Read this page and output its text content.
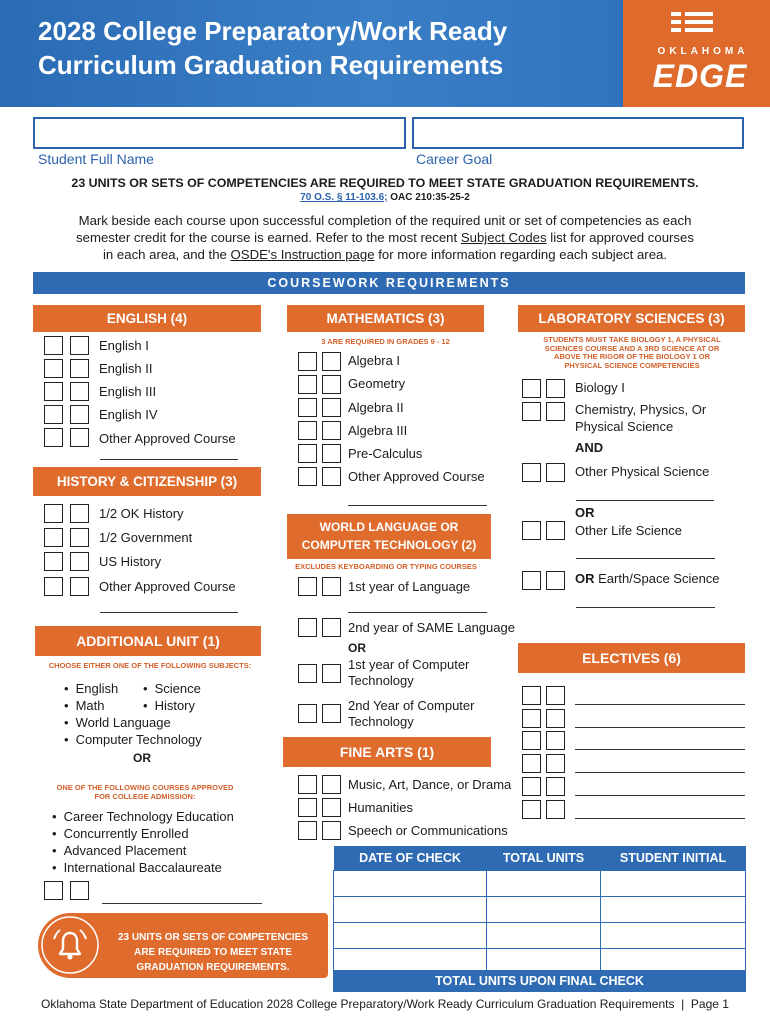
2028 College Preparatory/Work Ready
Curriculum Graduation Requirements	OKLAHOMA
EDGE
Student Full Name	Career Goal
23 UNITS OR SETS OF COMPETENCIES ARE REQUIRED TO MEET STATE GRADUATION REQUIREMENTS.
70 O.S. § 11-103.6; OAC 210:35-25-2
Mark beside each course upon successful completion of the required unit or set of competencies as each
semester credit for the course is earned. Refer to the most recent Subject Codes list for approved courses
in each area, and the OSDE's Instruction page for more information regarding each subject area.
COURSEWORK REQUIREMENTS
ENGLISH (4)
English I
English II
English III
English IV
Other Approved Course
HISTORY & CITIZENSHIP (3)
1/2 OK History
1/2 Government
US History
Other Approved Course
ADDITIONAL UNIT (1)
CHOOSE EITHER ONE OF THE FOLLOWING SUBJECTS:
• English
• Math
• World Language
• Computer Technology
• Science
• History
OR
ONE OF THE FOLLOWING COURSES APPROVED
FOR COLLEGE ADMISSION:
• Career Technology Education
• Concurrently Enrolled
• Advanced Placement
• International Baccalaureate
23 UNITS OR SETS OF COMPETENCIES
ARE REQUIRED TO MEET STATE
GRADUATION REQUIREMENTS.
MATHEMATICS (3)
3 ARE REQUIRED IN GRADES 9 - 12
Algebra I
Geometry
Algebra II
Algebra III
Pre-Calculus
Other Approved Course
WORLD LANGUAGE OR
COMPUTER TECHNOLOGY (2)
EXCLUDES KEYBOARDING OR TYPING COURSES
1st year of Language
2nd year of SAME Language
OR
1st year of Computer
Technology
2nd Year of Computer
Technology
FINE ARTS (1)
Music, Art, Dance, or Drama
Humanities
Speech or Communications
LABORATORY SCIENCES (3)
STUDENTS MUST TAKE BIOLOGY 1, A PHYSICAL
SCIENCES COURSE AND A 3RD SCIENCE AT OR
ABOVE THE RIGOR OF THE BIOLOGY 1 OR
PHYSICAL SCIENCE COMPETENCIES
Biology I
Chemistry, Physics, Or
Physical Science
AND
Other Physical Science
OR
Other Life Science
OR Earth/Space Science
ELECTIVES (6)
DATE OF CHECK	TOTAL UNITS	STUDENT INITIAL

TOTAL UNITS UPON FINAL CHECK
Oklahoma State Department of Education 2028 College Preparatory/Work Ready Curriculum Graduation Requirements  |  Page 1
